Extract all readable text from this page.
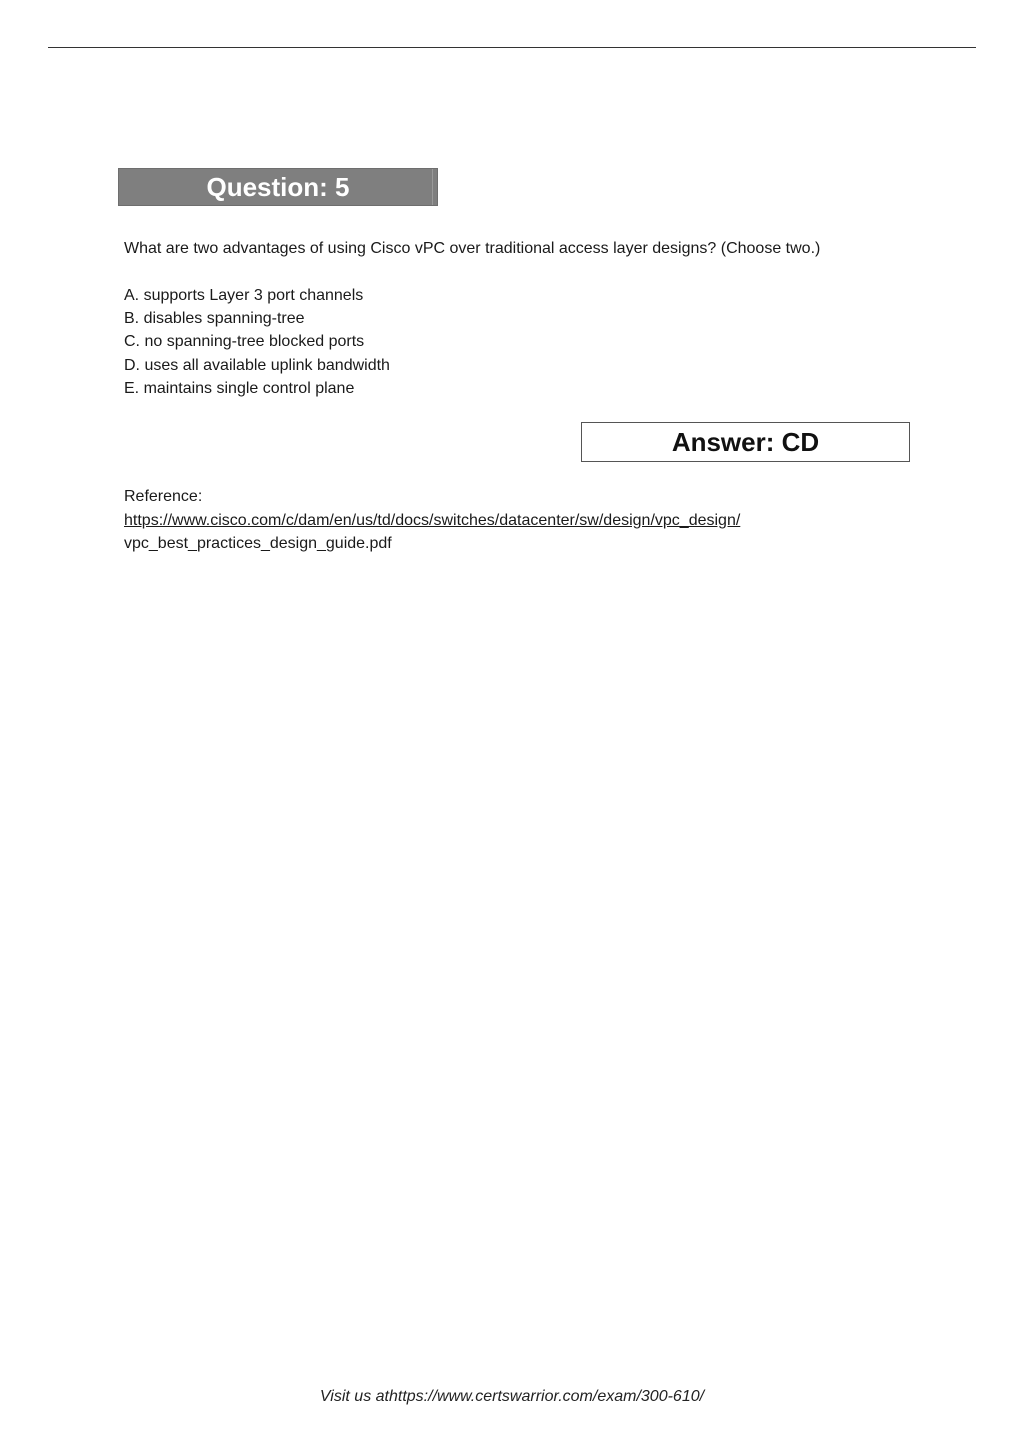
Question: 5
What are two advantages of using Cisco vPC over traditional access layer designs? (Choose two.)
A. supports Layer 3 port channels
B. disables spanning-tree
C. no spanning-tree blocked ports
D. uses all available uplink bandwidth
E. maintains single control plane
Answer: CD
Reference:
https://www.cisco.com/c/dam/en/us/td/docs/switches/datacenter/sw/design/vpc_design/
vpc_best_practices_design_guide.pdf
Visit us athttps://www.certswarrior.com/exam/300-610/
